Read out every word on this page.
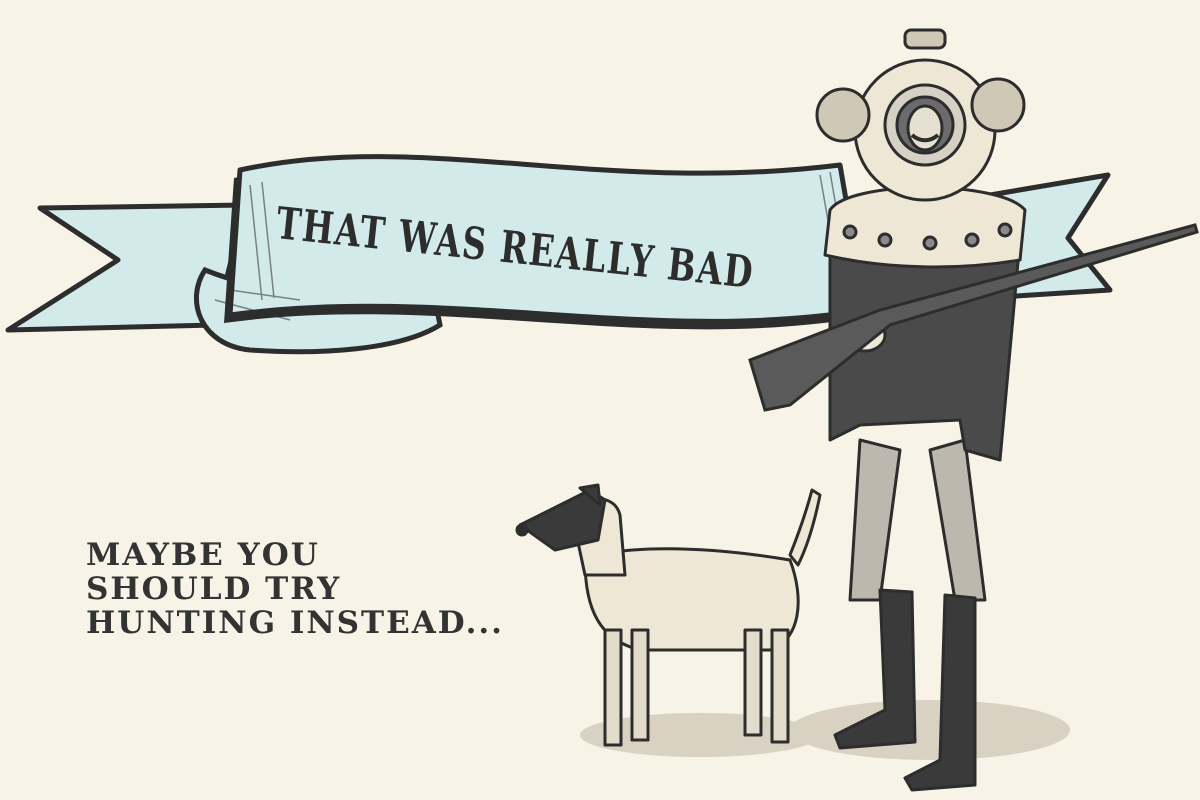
THAT WAS REALLY BAD
MAYBE YOU
SHOULD TRY
HUNTING INSTEAD...
